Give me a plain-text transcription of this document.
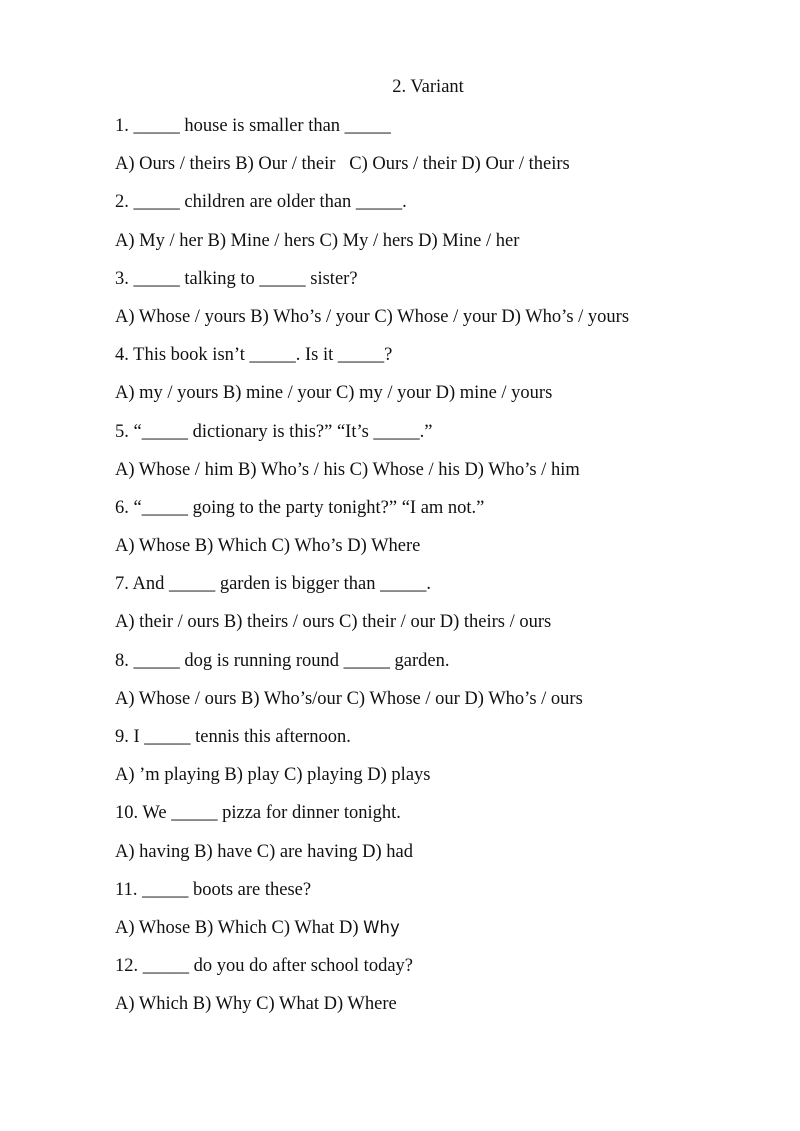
2. Variant
1. _____ house is smaller than _____
A) Ours / theirs B) Our / their   C) Ours / their D) Our / theirs
2. _____ children are older than _____.
A) My / her B) Mine / hers C) My / hers D) Mine / her
3. _____ talking to _____ sister?
A) Whose / yours B) Who’s / your C) Whose / your D) Who’s / yours
4. This book isn’t _____. Is it _____?
A) my / yours B) mine / your C) my / your D) mine / yours
5. “_____ dictionary is this?” “It’s _____.”
A) Whose / him B) Who’s / his C) Whose / his D) Who’s / him
6. “_____ going to the party tonight?” “I am not.”
A) Whose B) Which C) Who’s D) Where
7. And _____ garden is bigger than _____.
A) their / ours B) theirs / ours C) their / our D) theirs / ours
8. _____ dog is running round _____ garden.
A) Whose / ours B) Who’s/our C) Whose / our D) Who’s / ours
9. I _____ tennis this afternoon.
A) ’m playing B) play C) playing D) plays
10. We _____ pizza for dinner tonight.
A) having B) have C) are having D) had
11. _____ boots are these?
A) Whose B) Which C) What D) Why
12. _____ do you do after school today?
A) Which B) Why C) What D) Where
